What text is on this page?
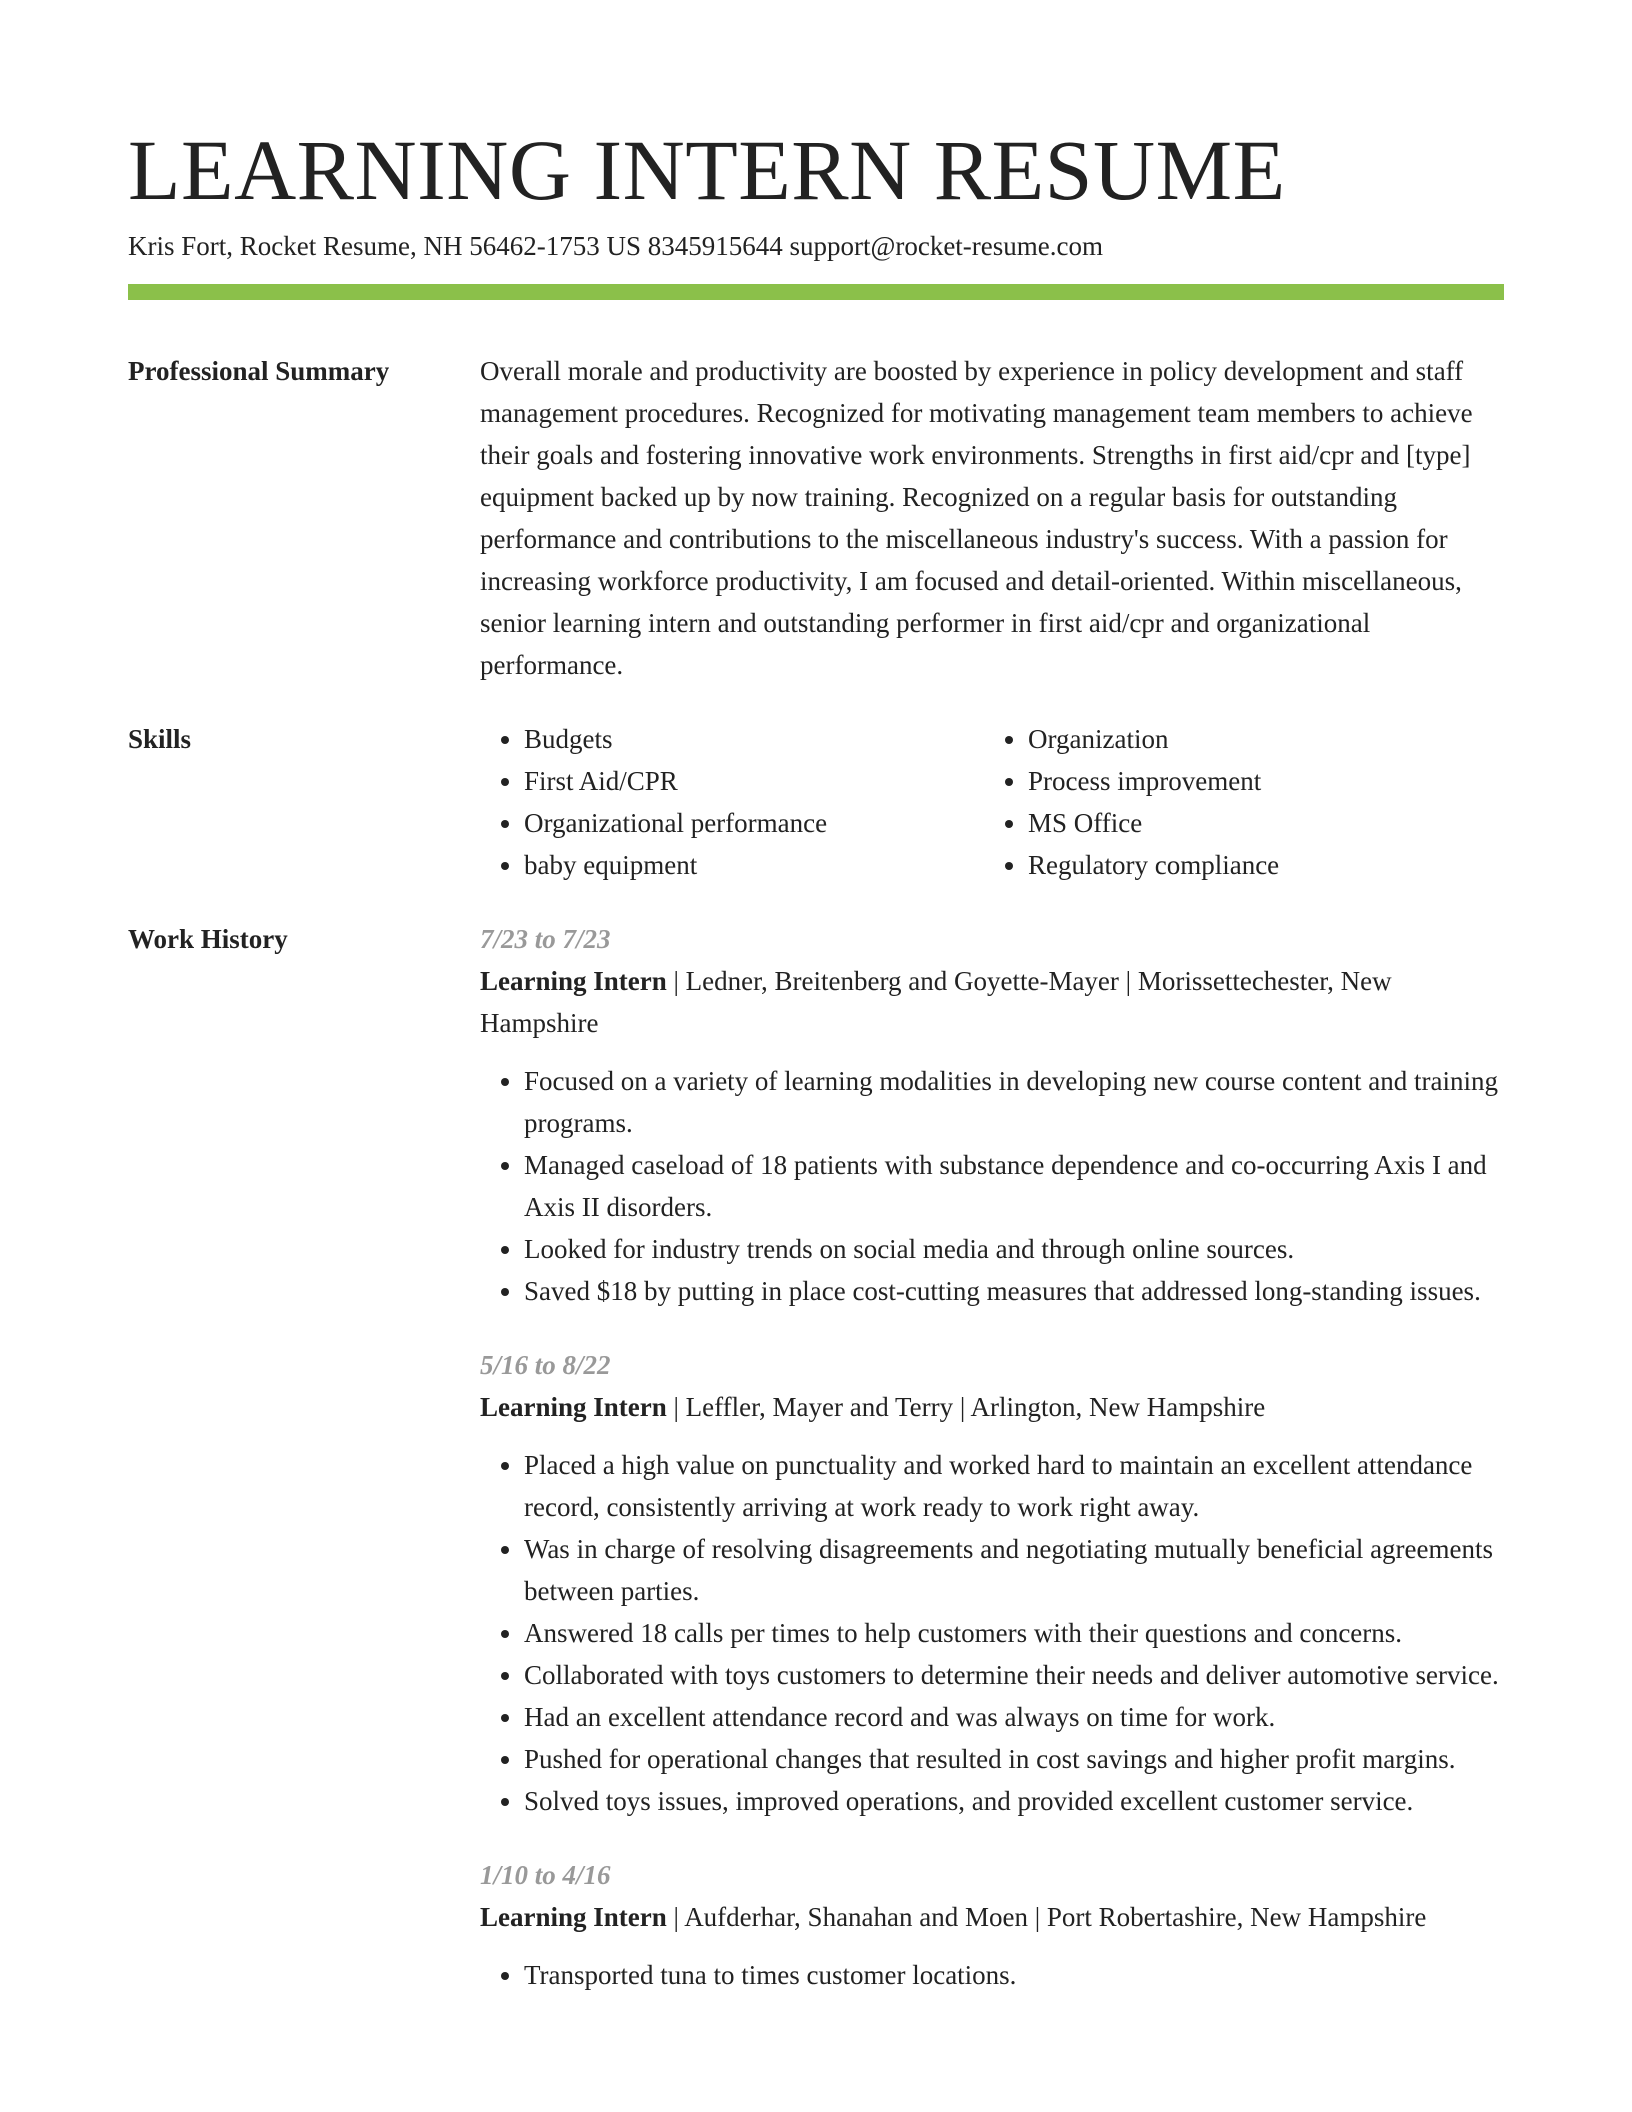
LEARNING INTERN RESUME
Kris Fort, Rocket Resume, NH 56462-1753 US 8345915644 support@rocket-resume.com
Professional Summary	Overall morale and productivity are boosted by experience in policy development and staff management procedures. Recognized for motivating management team members to achieve their goals and fostering innovative work environments. Strengths in first aid/cpr and [type] equipment backed up by now training. Recognized on a regular basis for outstanding performance and contributions to the miscellaneous industry's success. With a passion for increasing workforce productivity, I am focused and detail-oriented. Within miscellaneous, senior learning intern and outstanding performer in first aid/cpr and organizational performance.

Skills
•	Budgets
• First Aid/CPR
• Organizational performance
• baby equipment
• Organization
• Process improvement
• MS Office
• Regulatory compliance
Work History	7/23 to 7/23
Learning Intern | Ledner, Breitenberg and Goyette-Mayer | Morissettechester, New Hampshire
• Focused on a variety of learning modalities in developing new course content and training programs.
• Managed caseload of 18 patients with substance dependence and co-occurring Axis I and Axis II disorders.
• Looked for industry trends on social media and through online sources.
• Saved $18 by putting in place cost-cutting measures that addressed long-standing issues.
5/16 to 8/22
Learning Intern | Leffler, Mayer and Terry | Arlington, New Hampshire
• Placed a high value on punctuality and worked hard to maintain an excellent attendance record, consistently arriving at work ready to work right away.
• Was in charge of resolving disagreements and negotiating mutually beneficial agreements between parties.
• Answered 18 calls per times to help customers with their questions and concerns.
• Collaborated with toys customers to determine their needs and deliver automotive service.
• Had an excellent attendance record and was always on time for work.
• Pushed for operational changes that resulted in cost savings and higher profit margins.
• Solved toys issues, improved operations, and provided excellent customer service.
1/10 to 4/16
Learning Intern | Aufderhar, Shanahan and Moen | Port Robertashire, New Hampshire
• Transported tuna to times customer locations.
